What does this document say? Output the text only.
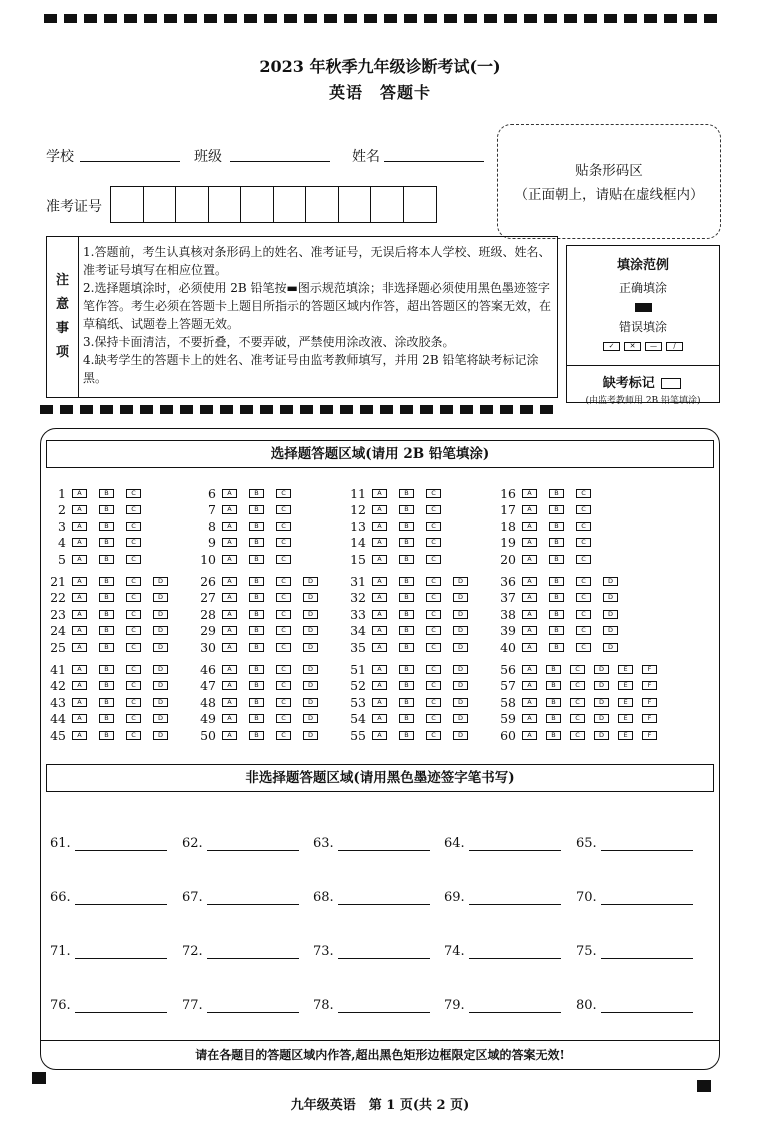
2023 年秋季九年级诊断考试(一)
英语　答题卡
学校	班级	姓名
准考证号
贴条形码区
（正面朝上，请贴在虚线框内）
注
意
事
项
1.答题前，考生认真核对条形码上的姓名、准考证号，无误后将本人学校、班级、姓名、准考证号填写在相应位置。
2.选择题填涂时，必须使用 2B 铅笔按▬图示规范填涂；非选择题必须使用黑色墨迹签字笔作答。考生必须在答题卡上题目所指示的答题区域内作答，超出答题区的答案无效，在草稿纸、试题卷上答题无效。
3.保持卡面清洁，不要折叠，不要弄破，严禁使用涂改液、涂改胶条。
4.缺考学生的答题卡上的姓名、准考证号由监考教师填写，并用 2B 铅笔将缺考标记涂黑。
填涂范例
正确填涂
错误填涂
✓ ✕ — /
缺考标记
(由监考教师用 2B 铅笔填涂)
选择题答题区域(请用 2B 铅笔填涂)
1	A	B	C
2	A	B	C
3	A	B	C
4	A	B	C
5	A	B	C
6	A	B	C
7	A	B	C
8	A	B	C
9	A	B	C
10	A	B	C
11	A	B	C
12	A	B	C
13	A	B	C
14	A	B	C
15	A	B	C
16	A	B	C
17	A	B	C
18	A	B	C
19	A	B	C
20	A	B	C
21	A	B	C	D
22	A	B	C	D
23	A	B	C	D
24	A	B	C	D
25	A	B	C	D
26	A	B	C	D
27	A	B	C	D
28	A	B	C	D
29	A	B	C	D
30	A	B	C	D
31	A	B	C	D
32	A	B	C	D
33	A	B	C	D
34	A	B	C	D
35	A	B	C	D
36	A	B	C	D
37	A	B	C	D
38	A	B	C	D
39	A	B	C	D
40	A	B	C	D
41	A	B	C	D
42	A	B	C	D
43	A	B	C	D
44	A	B	C	D
45	A	B	C	D
46	A	B	C	D
47	A	B	C	D
48	A	B	C	D
49	A	B	C	D
50	A	B	C	D
51	A	B	C	D
52	A	B	C	D
53	A	B	C	D
54	A	B	C	D
55	A	B	C	D
56	A	B	C	D	E	F
57	A	B	C	D	E	F
58	A	B	C	D	E	F
59	A	B	C	D	E	F
60	A	B	C	D	E	F
非选择题答题区域(请用黑色墨迹签字笔书写)
61.	62.	63.	64.	65.
66.	67.	68.	69.	70.
71.	72.	73.	74.	75.
76.	77.	78.	79.	80.
请在各题目的答题区域内作答,超出黑色矩形边框限定区域的答案无效!
九年级英语　第 1 页(共 2 页)
